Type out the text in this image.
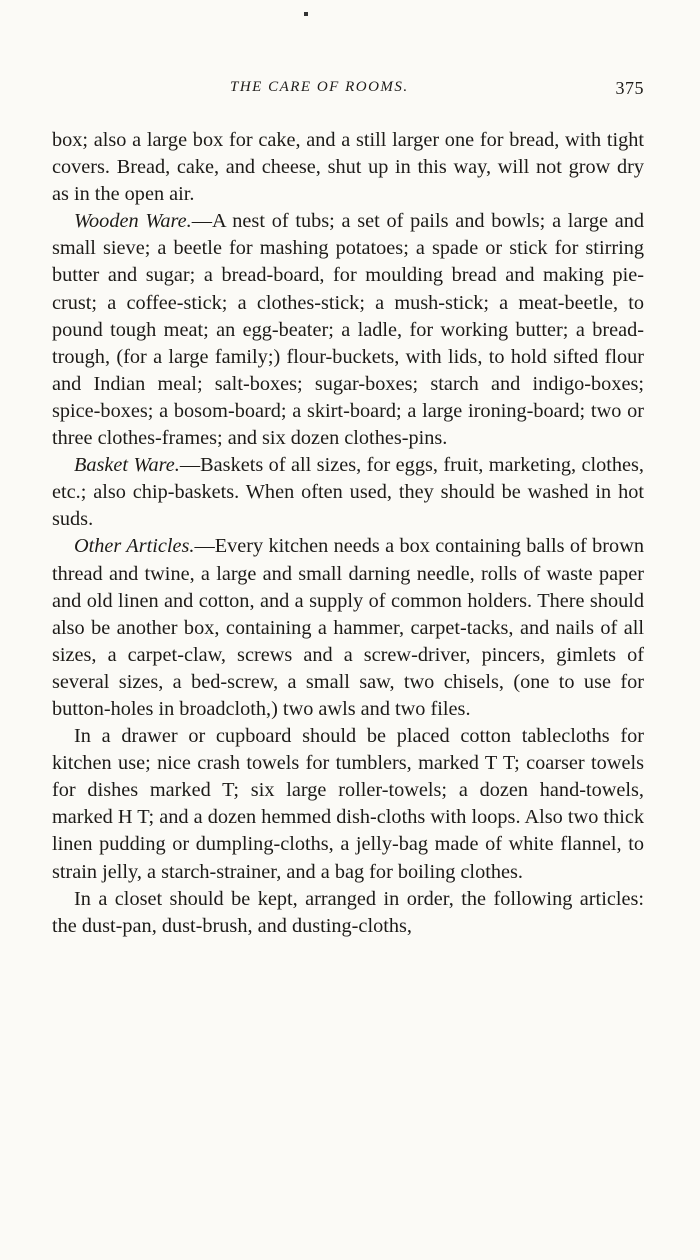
THE CARE OF ROOMS.	375

box; also a large box for cake, and a still larger one for bread, with tight covers. Bread, cake, and cheese, shut up in this way, will not grow dry as in the open air.

Wooden Ware.—A nest of tubs; a set of pails and bowls; a large and small sieve; a beetle for mashing potatoes; a spade or stick for stirring butter and sugar; a bread-board, for moulding bread and making pie-crust; a coffee-stick; a clothes-stick; a mush-stick; a meat-beetle, to pound tough meat; an egg-beater; a ladle, for working butter; a bread-trough, (for a large family;) flour-buckets, with lids, to hold sifted flour and Indian meal; salt-boxes; sugar-boxes; starch and indigo-boxes; spice-boxes; a bosom-board; a skirt-board; a large ironing-board; two or three clothes-frames; and six dozen clothes-pins.

Basket Ware.—Baskets of all sizes, for eggs, fruit, marketing, clothes, etc.; also chip-baskets. When often used, they should be washed in hot suds.

Other Articles.—Every kitchen needs a box containing balls of brown thread and twine, a large and small darning needle, rolls of waste paper and old linen and cotton, and a supply of common holders. There should also be another box, containing a hammer, carpet-tacks, and nails of all sizes, a carpet-claw, screws and a screw-driver, pincers, gimlets of several sizes, a bed-screw, a small saw, two chisels, (one to use for button-holes in broadcloth,) two awls and two files.

In a drawer or cupboard should be placed cotton tablecloths for kitchen use; nice crash towels for tumblers, marked T T; coarser towels for dishes marked T; six large roller-towels; a dozen hand-towels, marked H T; and a dozen hemmed dish-cloths with loops. Also two thick linen pudding or dumpling-cloths, a jelly-bag made of white flannel, to strain jelly, a starch-strainer, and a bag for boiling clothes.

In a closet should be kept, arranged in order, the following articles: the dust-pan, dust-brush, and dusting-cloths,
